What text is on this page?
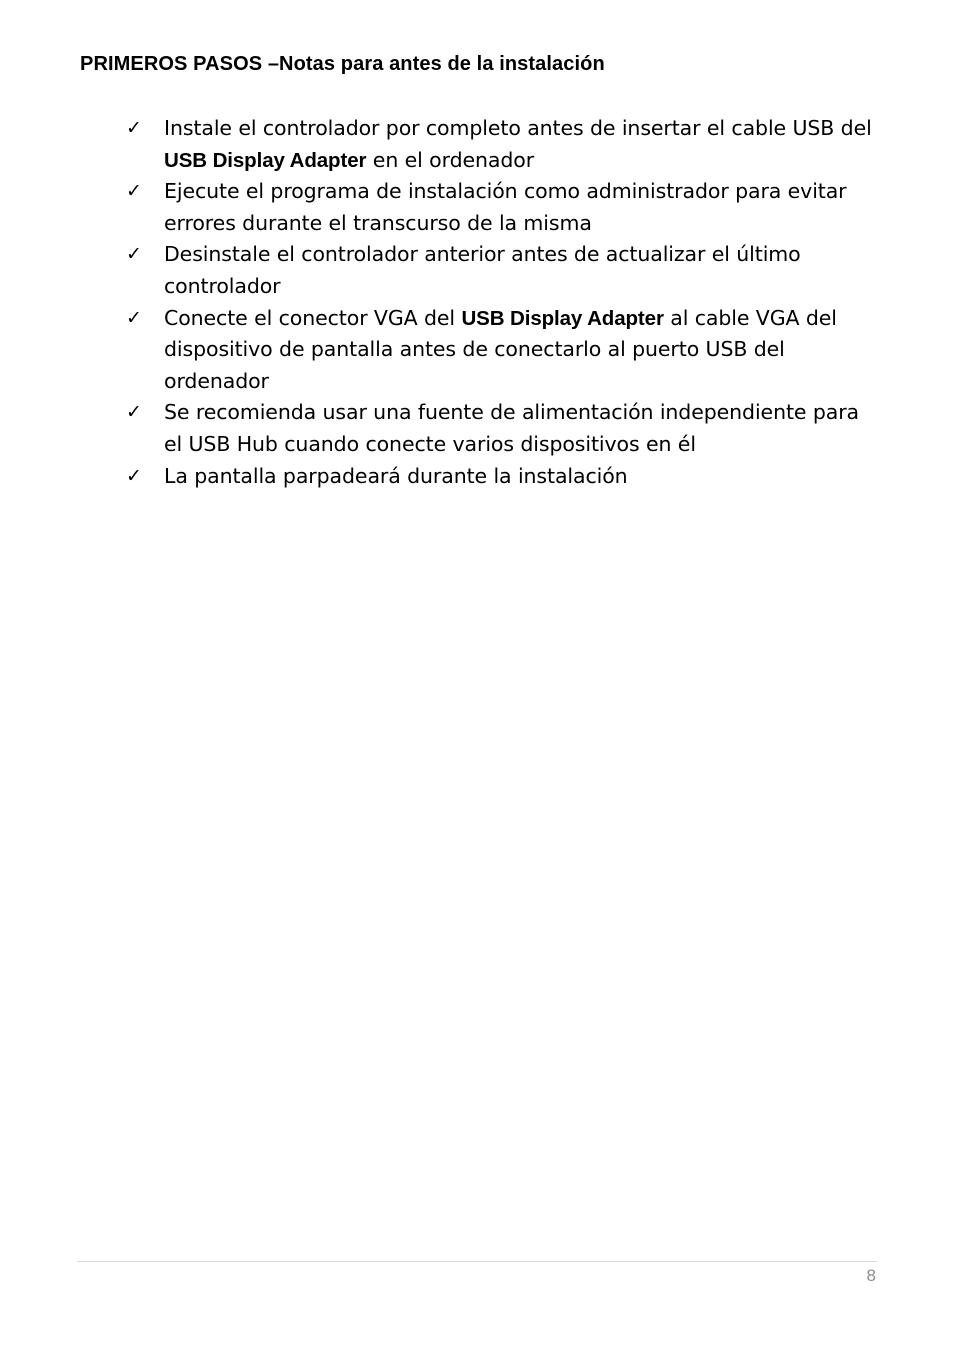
PRIMEROS PASOS –Notas para antes de la instalación
✓ Instale el controlador por completo antes de insertar el cable USB del USB Display Adapter en el ordenador
✓ Ejecute el programa de instalación como administrador para evitar errores durante el transcurso de la misma
✓ Desinstale el controlador anterior antes de actualizar el último controlador
✓ Conecte el conector VGA del USB Display Adapter al cable VGA del dispositivo de pantalla antes de conectarlo al puerto USB del ordenador
✓ Se recomienda usar una fuente de alimentación independiente para el USB Hub cuando conecte varios dispositivos en él
✓ La pantalla parpadeará durante la instalación
8
